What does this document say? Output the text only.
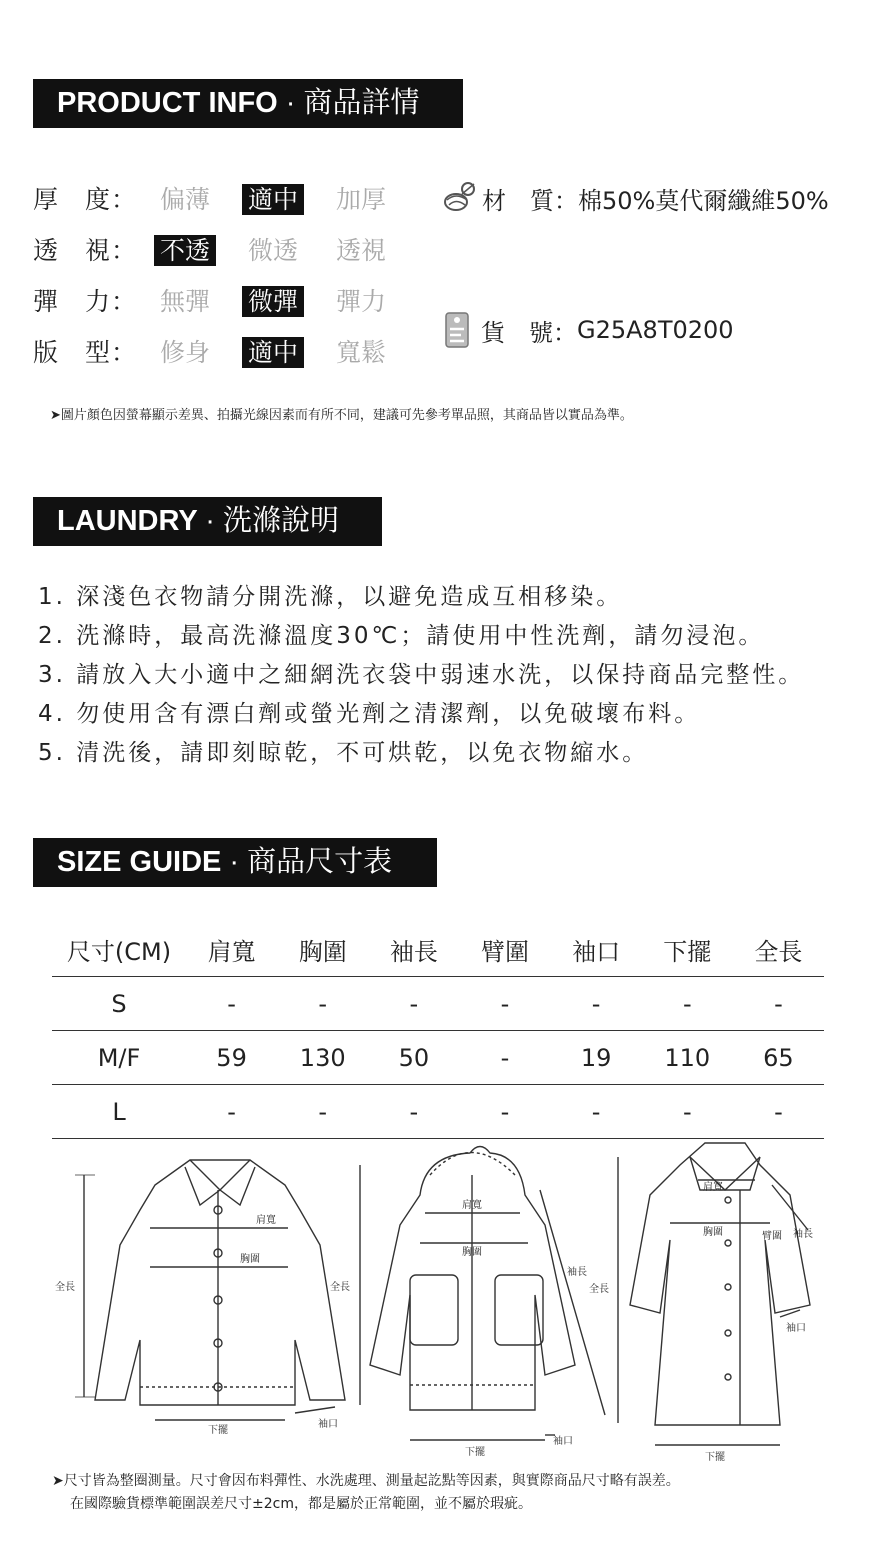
PRODUCT INFO · 商品詳情
厚　度： 偏薄	適中	加厚
透　視： 不透	微透	透視
彈　力： 無彈	微彈	彈力
版　型： 修身	適中	寬鬆
材　質： 棉50%莫代爾纖維50%
貨　號： G25A8T0200
➤圖片顏色因螢幕顯示差異、拍攝光線因素而有所不同，建議可先參考單品照，其商品皆以實品為準。
LAUNDRY · 洗滌說明
1. 深淺色衣物請分開洗滌，以避免造成互相移染。
2. 洗滌時，最高洗滌溫度30℃；請使用中性洗劑，請勿浸泡。
3. 請放入大小適中之細網洗衣袋中弱速水洗，以保持商品完整性。
4. 勿使用含有漂白劑或螢光劑之清潔劑，以免破壞布料。
5. 清洗後，請即刻晾乾，不可烘乾，以免衣物縮水。
SIZE GUIDE · 商品尺寸表
尺寸(CM)	肩寬	胸圍	袖長	臂圍	袖口	下擺	全長
S	-	-	-	-	-	-	-
M/F	59	130	50	-	19	110	65
L	-	-	-	-	-	-	-
肩寬
胸圍
全長
下擺
袖口
肩寬
胸圍
全長
袖長
下擺
袖口
肩寬
胸圍	臂圍 袖長
全長
袖口
下擺
➤尺寸皆為整圈測量。尺寸會因布料彈性、水洗處理、測量起訖點等因素，與實際商品尺寸略有誤差。
在國際驗貨標準範圍誤差尺寸±2cm，都是屬於正常範圍，並不屬於瑕疵。
